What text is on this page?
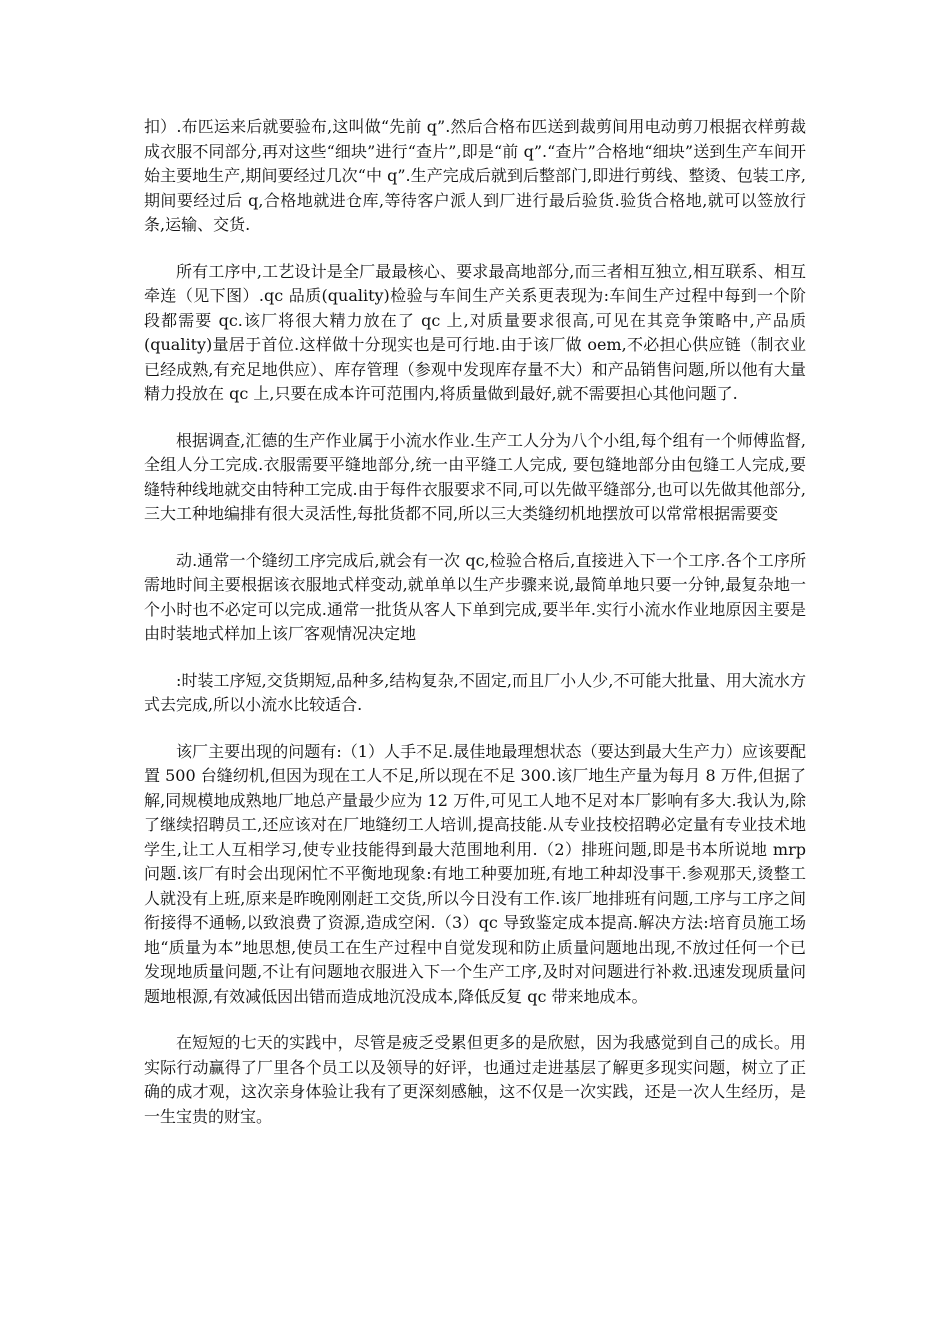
扣）.布匹运来后就要验布,这叫做“先前 q”.然后合格布匹送到裁剪间用电动剪刀根据衣样剪裁成衣服不同部分,再对这些“细块”进行“查片”,即是“前 q”.“查片”合格地“细块”送到生产车间开始主要地生产,期间要经过几次“中 q”.生产完成后就到后整部门,即进行剪线、整烫、包装工序,期间要经过后 q,合格地就进仓库,等待客户派人到厂进行最后验货.验货合格地,就可以签放行条,运输、交货.

所有工序中,工艺设计是全厂最最核心、要求最高地部分,而三者相互独立,相互联系、相互牵连（见下图）.qc 品质(quality)检验与车间生产关系更表现为:车间生产过程中每到一个阶段都需要 qc.该厂将很大精力放在了 qc 上,对质量要求很高,可见在其竞争策略中,产品质(quality)量居于首位.这样做十分现实也是可行地.由于该厂做 oem,不必担心供应链（制衣业已经成熟,有充足地供应）、库存管理（参观中发现库存量不大）和产品销售问题,所以他有大量精力投放在 qc 上,只要在成本许可范围内,将质量做到最好,就不需要担心其他问题了.

根据调查,汇德的生产作业属于小流水作业.生产工人分为八个小组,每个组有一个师傅监督,全组人分工完成.衣服需要平缝地部分,统一由平缝工人完成, 要包缝地部分由包缝工人完成,要缝特种线地就交由特种工完成.由于每件衣服要求不同,可以先做平缝部分,也可以先做其他部分,三大工种地编排有很大灵活性,每批货都不同,所以三大类缝纫机地摆放可以常常根据需要变

动.通常一个缝纫工序完成后,就会有一次 qc,检验合格后,直接进入下一个工序.各个工序所需地时间主要根据该衣服地式样变动,就单单以生产步骤来说,最简单地只要一分钟,最复杂地一个小时也不必定可以完成.通常一批货从客人下单到完成,要半年.实行小流水作业地原因主要是由时装地式样加上该厂客观情况决定地

:时装工序短,交货期短,品种多,结构复杂,不固定,而且厂小人少,不可能大批量、用大流水方式去完成,所以小流水比较适合.

该厂主要出现的问题有:（1）人手不足.晟佳地最理想状态（要达到最大生产力）应该要配置 500 台缝纫机,但因为现在工人不足,所以现在不足 300.该厂地生产量为每月 8 万件,但据了解,同规模地成熟地厂地总产量最少应为 12 万件,可见工人地不足对本厂影响有多大.我认为,除了继续招聘员工,还应该对在厂地缝纫工人培训,提高技能.从专业技校招聘必定量有专业技术地学生,让工人互相学习,使专业技能得到最大范围地利用.（2）排班问题,即是书本所说地 mrp 问题.该厂有时会出现闲忙不平衡地现象:有地工种要加班,有地工种却没事干.参观那天,烫整工人就没有上班,原来是昨晚刚刚赶工交货,所以今日没有工作.该厂地排班有问题,工序与工序之间衔接得不通畅,以致浪费了资源,造成空闲.（3）qc 导致鉴定成本提高.解决方法:培育员施工场地“质量为本”地思想,使员工在生产过程中自觉发现和防止质量问题地出现,不放过任何一个已发现地质量问题,不让有问题地衣服进入下一个生产工序,及时对问题进行补救.迅速发现质量问题地根源,有效减低因出错而造成地沉没成本,降低反复 qc 带来地成本。

在短短的七天的实践中，尽管是疲乏受累但更多的是欣慰，因为我感觉到自己的成长。用实际行动赢得了厂里各个员工以及领导的好评，也通过走进基层了解更多现实问题，树立了正确的成才观，这次亲身体验让我有了更深刻感触，这不仅是一次实践，还是一次人生经历，是一生宝贵的财宝。
